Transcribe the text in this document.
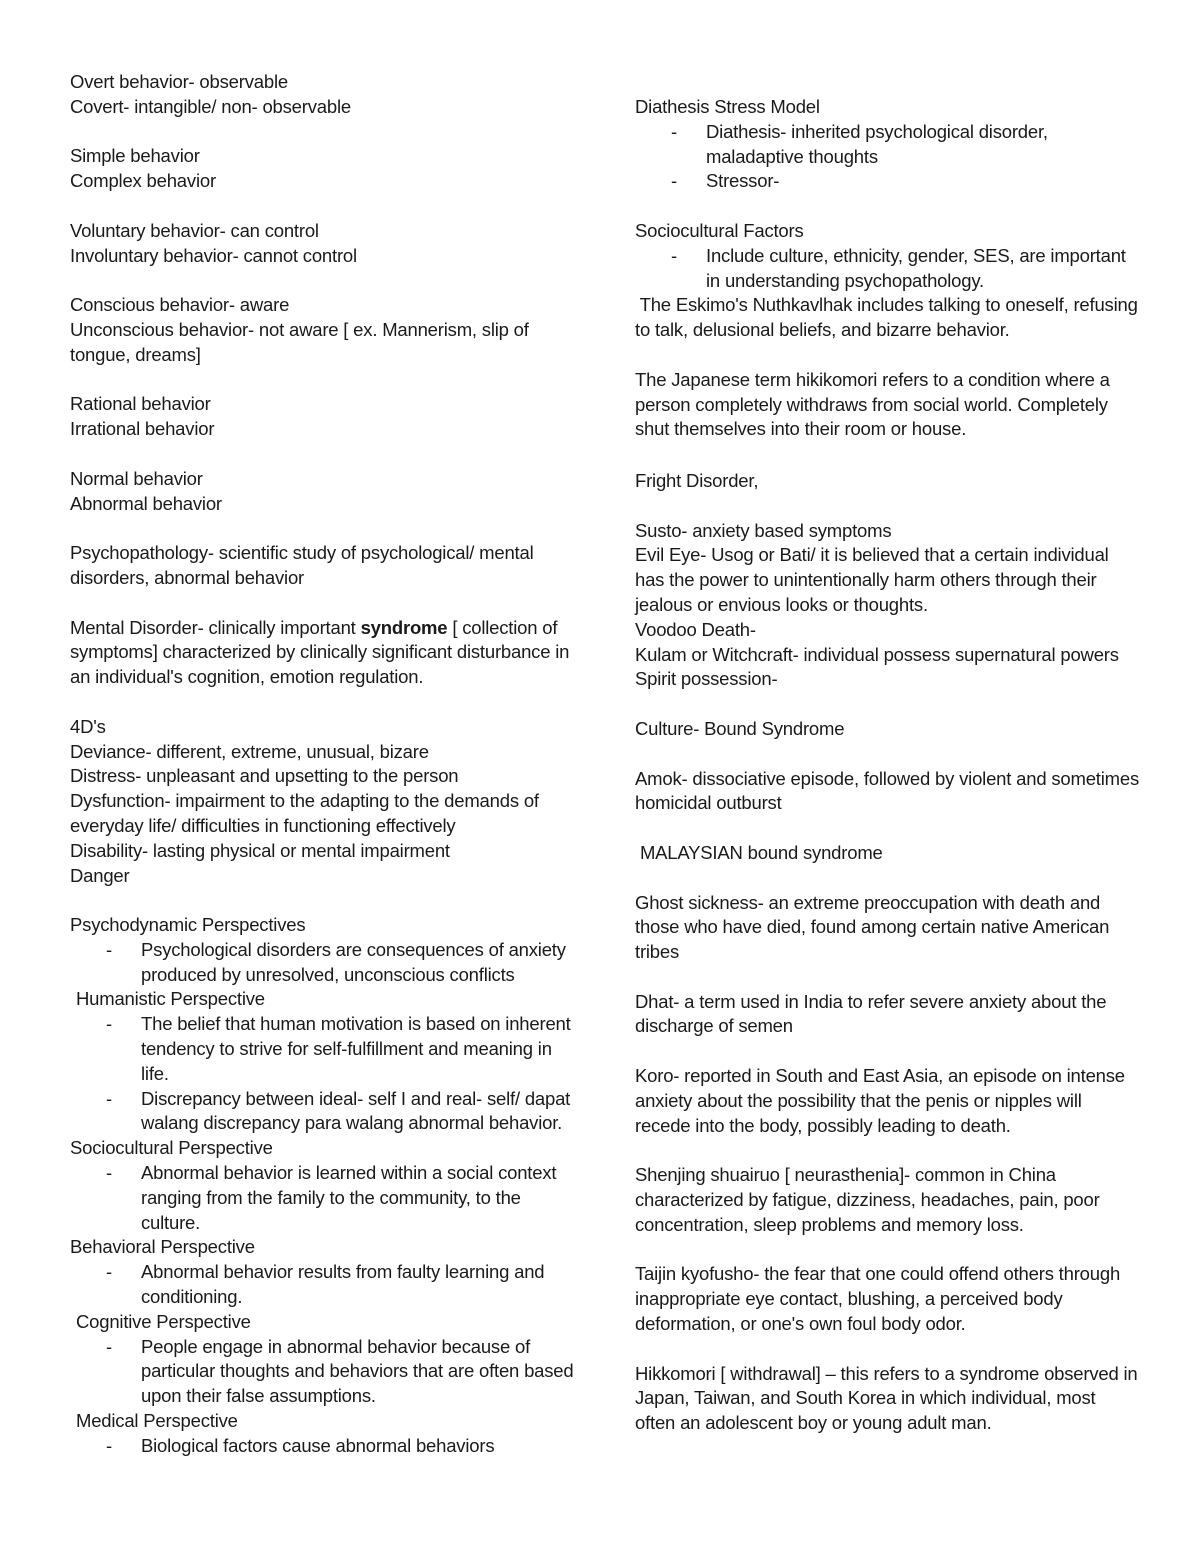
Overt behavior- observable
Covert- intangible/ non- observable
Simple behavior
Complex behavior
Voluntary behavior- can control
Involuntary behavior- cannot control
Conscious behavior- aware
Unconscious behavior- not aware [ ex. Mannerism, slip of
tongue, dreams]
Rational behavior
Irrational behavior
Normal behavior
Abnormal behavior
Psychopathology- scientific study of psychological/ mental
disorders, abnormal behavior
Mental Disorder- clinically important syndrome [ collection of
symptoms] characterized by clinically significant disturbance in
an individual's cognition, emotion regulation.
4D's
Deviance- different, extreme, unusual, bizare
Distress- unpleasant and upsetting to the person
Dysfunction- impairment to the adapting to the demands of
everyday life/ difficulties in functioning effectively
Disability- lasting physical or mental impairment
Danger
Psychodynamic Perspectives
- Psychological disorders are consequences of anxiety
produced by unresolved, unconscious conflicts
Humanistic Perspective
- The belief that human motivation is based on inherent
tendency to strive for self-fulfillment and meaning in
life.
- Discrepancy between ideal- self I and real- self/ dapat
walang discrepancy para walang abnormal behavior.
Sociocultural Perspective
- Abnormal behavior is learned within a social context
ranging from the family to the community, to the
culture.
Behavioral Perspective
- Abnormal behavior results from faulty learning and
conditioning.
Cognitive Perspective
- People engage in abnormal behavior because of
particular thoughts and behaviors that are often based
upon their false assumptions.
Medical Perspective
- Biological factors cause abnormal behaviors
Diathesis Stress Model
- Diathesis- inherited psychological disorder,
maladaptive thoughts
- Stressor-
Sociocultural Factors
- Include culture, ethnicity, gender, SES, are important
in understanding psychopathology.
The Eskimo's Nuthkavlhak includes talking to oneself, refusing
to talk, delusional beliefs, and bizarre behavior.
The Japanese term hikikomori refers to a condition where a
person completely withdraws from social world. Completely
shut themselves into their room or house.
Fright Disorder,
Susto- anxiety based symptoms
Evil Eye- Usog or Bati/ it is believed that a certain individual
has the power to unintentionally harm others through their
jealous or envious looks or thoughts.
Voodoo Death-
Kulam or Witchcraft- individual possess supernatural powers
Spirit possession-
Culture- Bound Syndrome
Amok- dissociative episode, followed by violent and sometimes
homicidal outburst
MALAYSIAN bound syndrome
Ghost sickness- an extreme preoccupation with death and
those who have died, found among certain native American
tribes
Dhat- a term used in India to refer severe anxiety about the
discharge of semen
Koro- reported in South and East Asia, an episode on intense
anxiety about the possibility that the penis or nipples will
recede into the body, possibly leading to death.
Shenjing shuairuo [ neurasthenia]- common in China
characterized by fatigue, dizziness, headaches, pain, poor
concentration, sleep problems and memory loss.
Taijin kyofusho- the fear that one could offend others through
inappropriate eye contact, blushing, a perceived body
deformation, or one's own foul body odor.
Hikkomori [ withdrawal] – this refers to a syndrome observed in
Japan, Taiwan, and South Korea in which individual, most
often an adolescent boy or young adult man.
